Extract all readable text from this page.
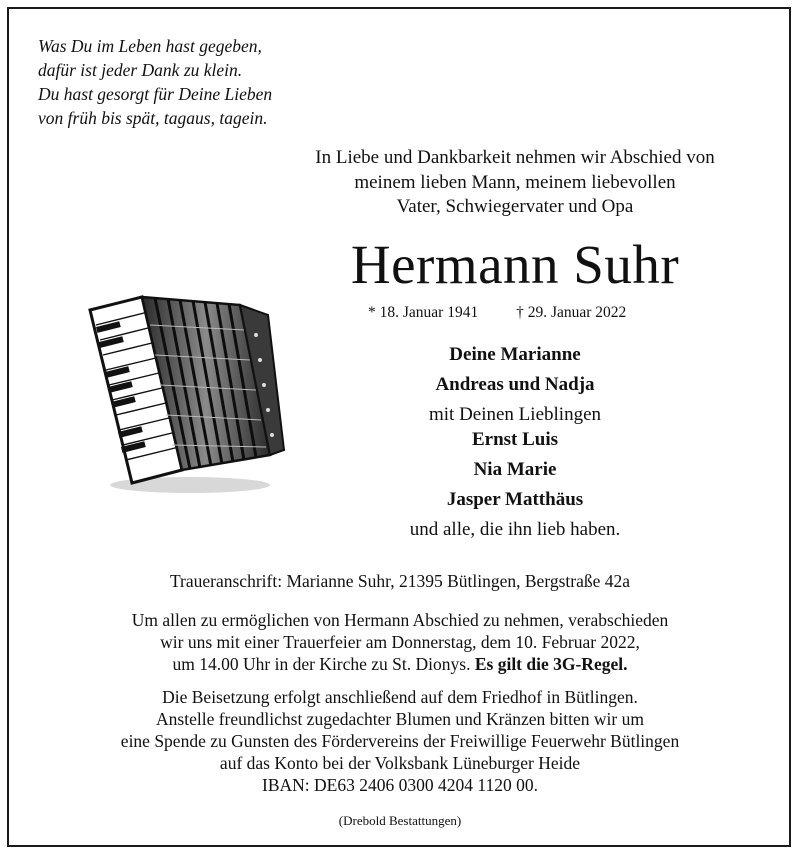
Was Du im Leben hast gegeben,
dafür ist jeder Dank zu klein.
Du hast gesorgt für Deine Lieben
von früh bis spät, tagaus, tagein.
In Liebe und Dankbarkeit nehmen wir Abschied von
meinem lieben Mann, meinem liebevollen
Vater, Schwiegervater und Opa
Hermann Suhr
* 18. Januar 1941 † 29. Januar 2022
Deine Marianne
Andreas und Nadja
mit Deinen Lieblingen
Ernst Luis
Nia Marie
Jasper Matthäus
und alle, die ihn lieb haben.
Traueranschrift: Marianne Suhr, 21395 Bütlingen, Bergstraße 42a
Um allen zu ermöglichen von Hermann Abschied zu nehmen, verabschieden
wir uns mit einer Trauerfeier am Donnerstag, dem 10. Februar 2022,
um 14.00 Uhr in der Kirche zu St. Dionys. Es gilt die 3G-Regel.
Die Beisetzung erfolgt anschließend auf dem Friedhof in Bütlingen.
Anstelle freundlichst zugedachter Blumen und Kränzen bitten wir um
eine Spende zu Gunsten des Fördervereins der Freiwillige Feuerwehr Bütlingen
auf das Konto bei der Volksbank Lüneburger Heide
IBAN: DE63 2406 0300 4204 1120 00.
(Drebold Bestattungen)
